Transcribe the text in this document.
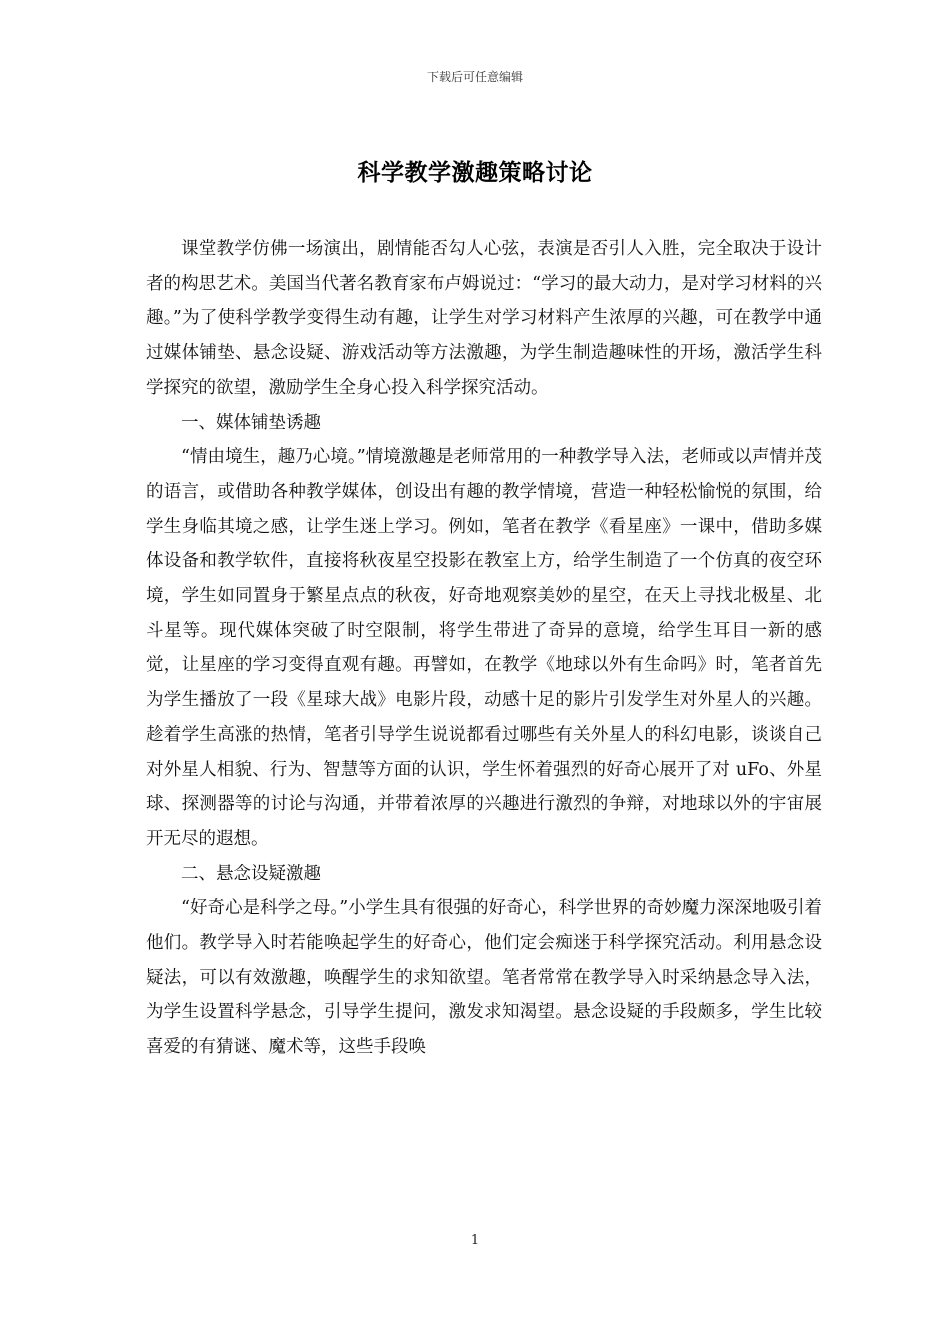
下载后可任意编辑
科学教学激趣策略讨论

课堂教学仿佛一场演出，剧情能否勾人心弦，表演是否引人入胜，完全取决于设计者的构思艺术。美国当代著名教育家布卢姆说过：“学习的最大动力，是对学习材料的兴趣。”为了使科学教学变得生动有趣，让学生对学习材料产生浓厚的兴趣，可在教学中通过媒体铺垫、悬念设疑、游戏活动等方法激趣，为学生制造趣味性的开场，激活学生科学探究的欲望，激励学生全身心投入科学探究活动。

一、媒体铺垫诱趣

“情由境生，趣乃心境。”情境激趣是老师常用的一种教学导入法，老师或以声情并茂的语言，或借助各种教学媒体，创设出有趣的教学情境，营造一种轻松愉悦的氛围，给学生身临其境之感，让学生迷上学习。例如，笔者在教学《看星座》一课中，借助多媒体设备和教学软件，直接将秋夜星空投影在教室上方，给学生制造了一个仿真的夜空环境，学生如同置身于繁星点点的秋夜，好奇地观察美妙的星空，在天上寻找北极星、北斗星等。现代媒体突破了时空限制，将学生带进了奇异的意境，给学生耳目一新的感觉，让星座的学习变得直观有趣。再譬如，在教学《地球以外有生命吗》时，笔者首先为学生播放了一段《星球大战》电影片段，动感十足的影片引发学生对外星人的兴趣。趁着学生高涨的热情，笔者引导学生说说都看过哪些有关外星人的科幻电影，谈谈自己对外星人相貌、行为、智慧等方面的认识，学生怀着强烈的好奇心展开了对 uFo、外星球、探测器等的讨论与沟通，并带着浓厚的兴趣进行激烈的争辩，对地球以外的宇宙展开无尽的遐想。

二、悬念设疑激趣

“好奇心是科学之母。”小学生具有很强的好奇心，科学世界的奇妙魔力深深地吸引着他们。教学导入时若能唤起学生的好奇心，他们定会痴迷于科学探究活动。利用悬念设疑法，可以有效激趣，唤醒学生的求知欲望。笔者常常在教学导入时采纳悬念导入法，为学生设置科学悬念，引导学生提问，激发求知渴望。悬念设疑的手段颇多，学生比较喜爱的有猜谜、魔术等，这些手段唤

1
